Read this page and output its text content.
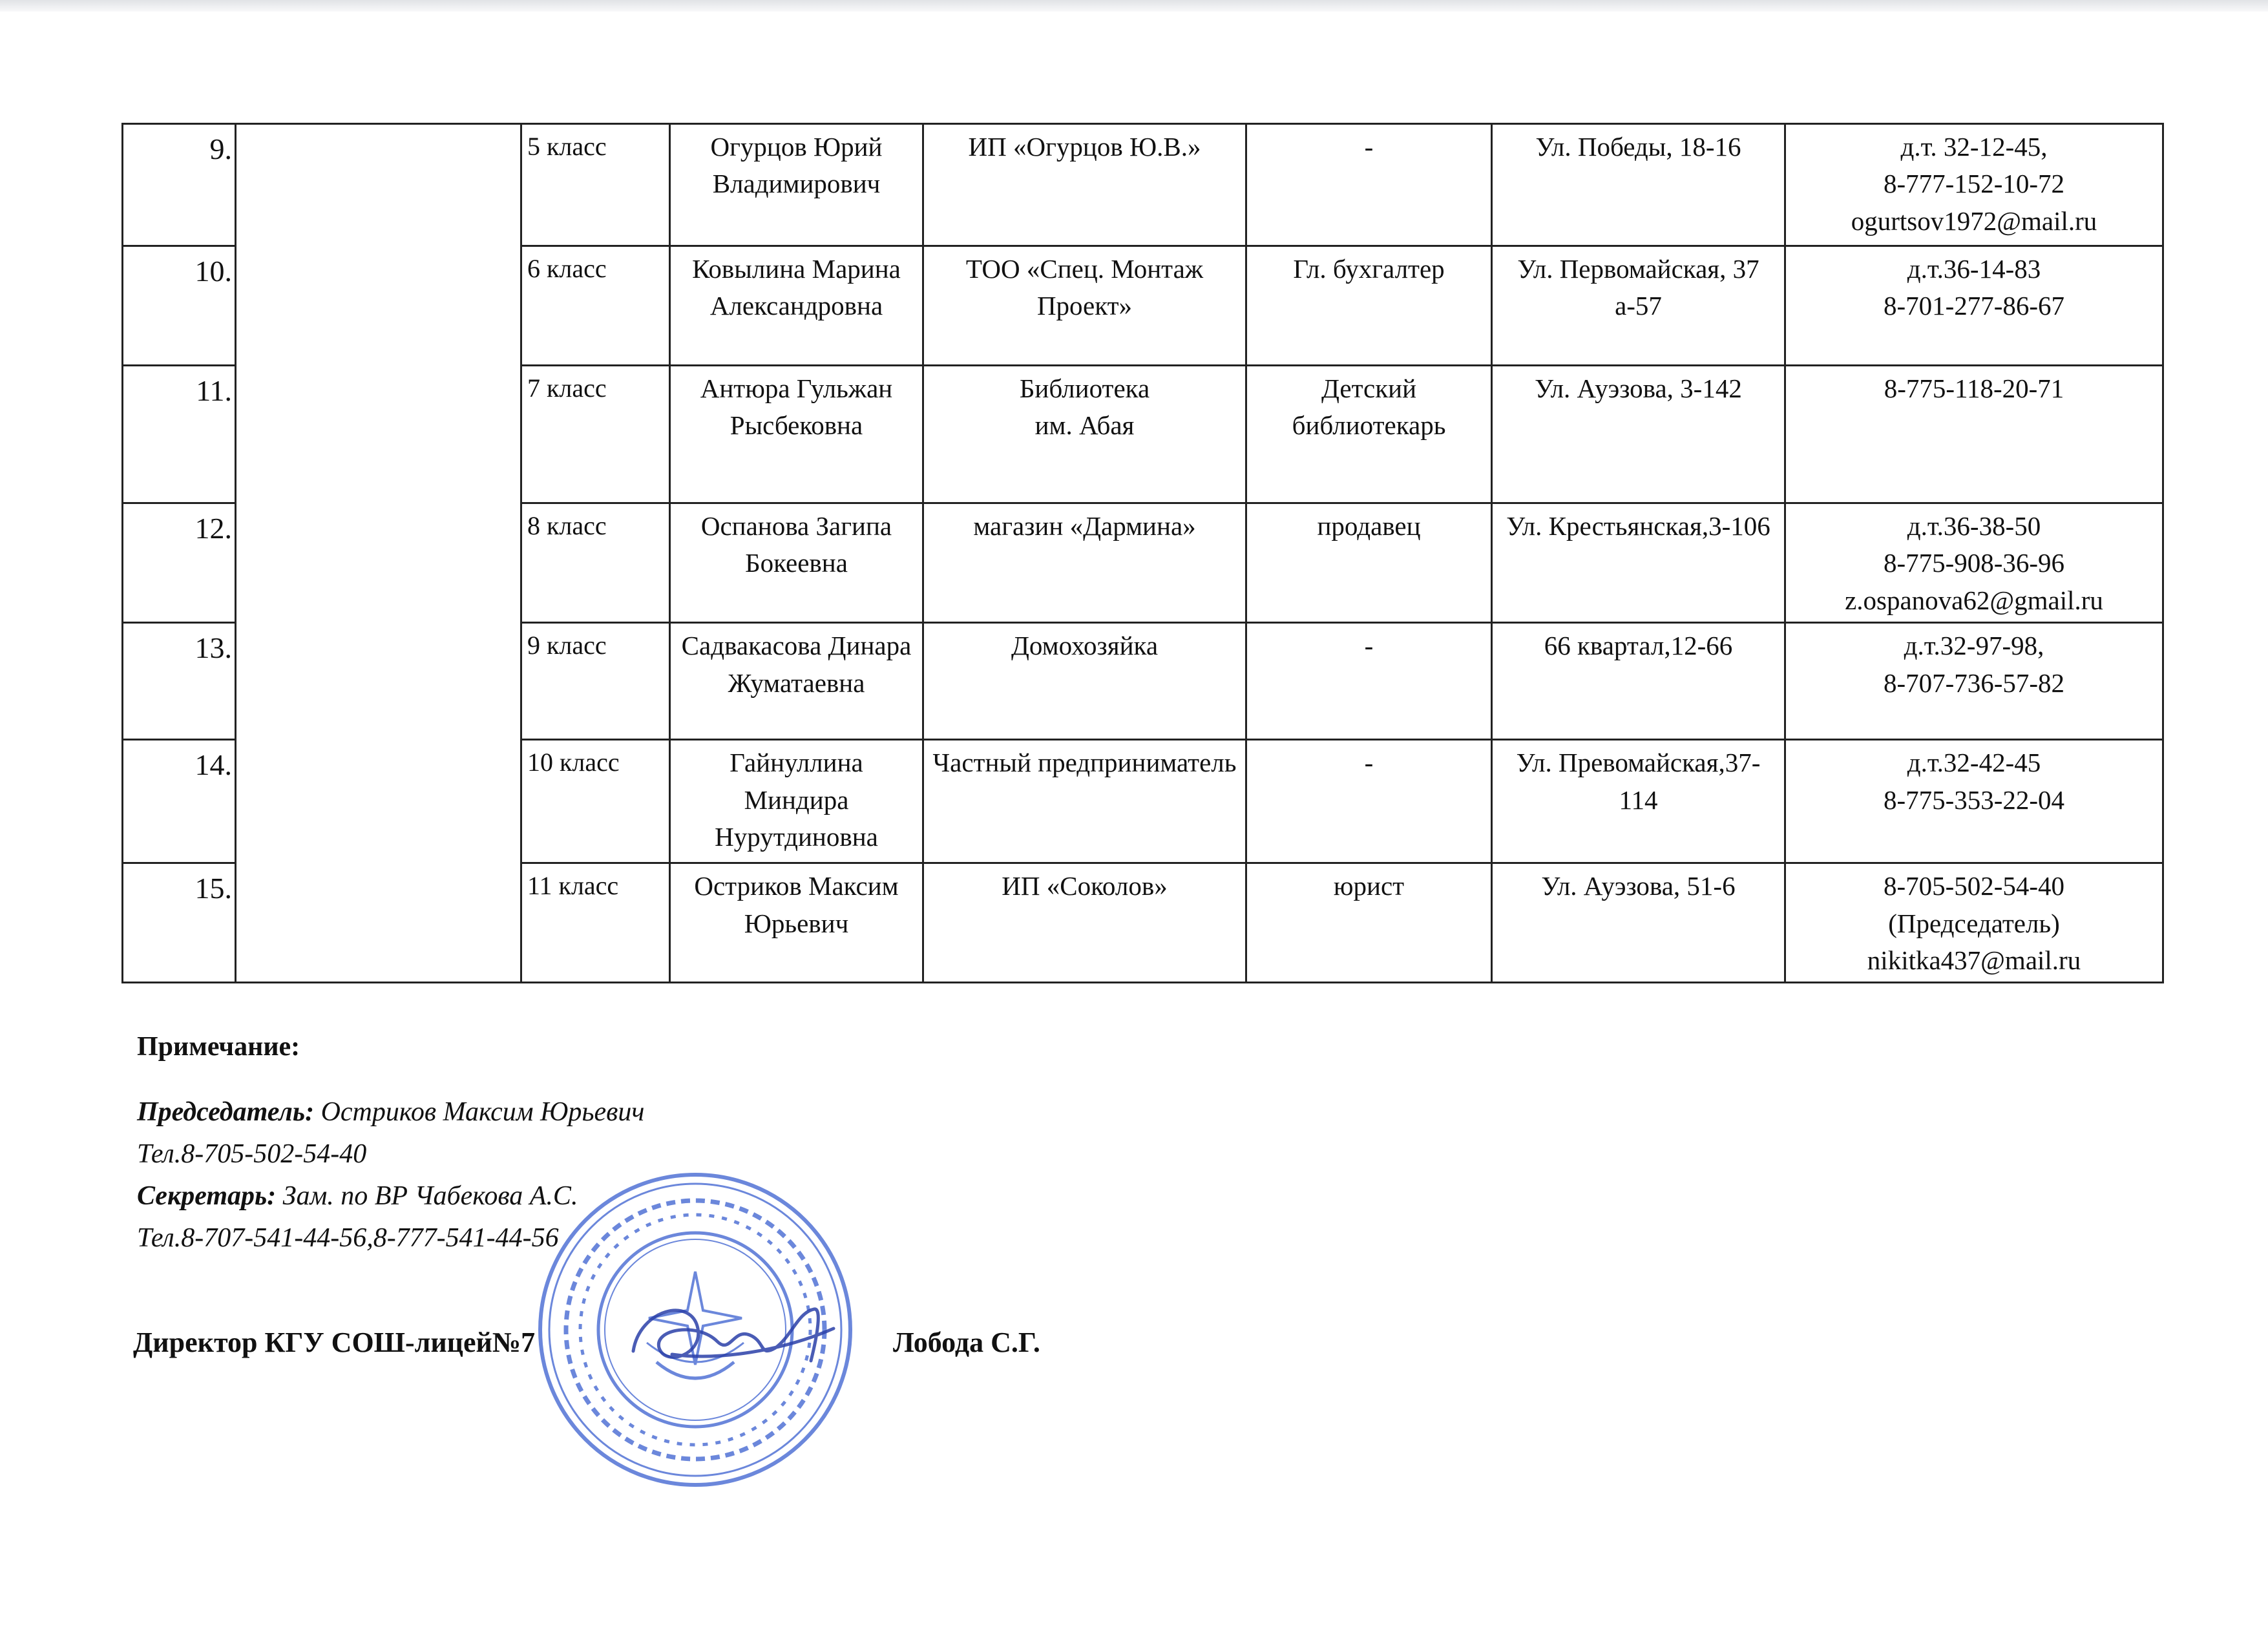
9.		5 класс	Огурцов Юрий Владимирович	ИП «Огурцов Ю.В.»	-	Ул. Победы, 18-16	д.т. 32-12-45,
8-777-152-10-72
ogurtsov1972@mail.ru
10.		6 класс	Ковылина Марина Александровна	ТОО «Спец. Монтаж Проект»	Гл. бухгалтер	Ул. Первомайская, 37 а-57	д.т.36-14-83
8-701-277-86-67
11.		7 класс	Антюра Гульжан Рысбековна	Библиотека
им. Абая	Детский библиотекарь	Ул. Ауэзова, 3-142	8-775-118-20-71
12.		8 класс	Оспанова Загипа Бокеевна	магазин «Дармина»	продавец	Ул. Крестьянская,3-106	д.т.36-38-50
8-775-908-36-96
z.ospanova62@gmail.ru
13.		9 класс	Садвакасова Динара Жуматаевна	Домохозяйка	-	66 квартал,12-66	д.т.32-97-98,
8-707-736-57-82
14.		10 класс	Гайнуллина Миндира Нурутдиновна	Частный предприниматель	-	Ул. Превомайская,37-114	д.т.32-42-45
8-775-353-22-04
15.		11 класс	Остриков Максим Юрьевич	ИП «Соколов»	юрист	Ул. Ауэзова, 51-6	8-705-502-54-40
(Председатель)
nikitka437@mail.ru
Примечание:
Председатель: Остриков Максим Юрьевич
Тел.8-705-502-54-40
Секретарь: Зам. по ВР Чабекова А.С.
Тел.8-707-541-44-56,8-777-541-44-56
Директор КГУ СОШ-лицей№7	Лобода С.Г.
